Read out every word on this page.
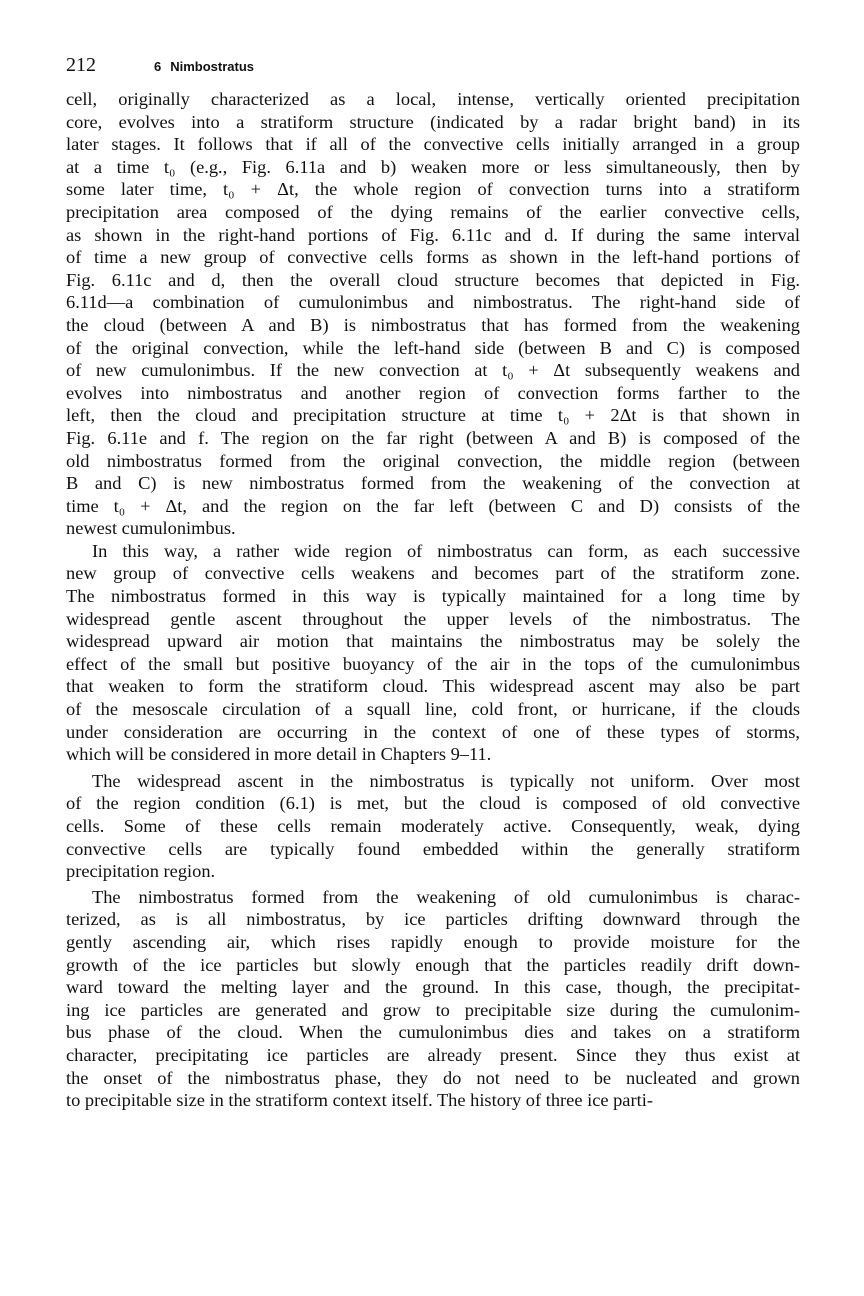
212	6 Nimbostratus

cell, originally characterized as a local, intense, vertically oriented precipitation
core, evolves into a stratiform structure (indicated by a radar bright band) in its
later stages. It follows that if all of the convective cells initially arranged in a group
at a time t₀ (e.g., Fig. 6.11a and b) weaken more or less simultaneously, then by
some later time, t₀ + Δt, the whole region of convection turns into a stratiform
precipitation area composed of the dying remains of the earlier convective cells,
as shown in the right-hand portions of Fig. 6.11c and d. If during the same interval
of time a new group of convective cells forms as shown in the left-hand portions of
Fig. 6.11c and d, then the overall cloud structure becomes that depicted in Fig.
6.11d—a combination of cumulonimbus and nimbostratus. The right-hand side of
the cloud (between A and B) is nimbostratus that has formed from the weakening
of the original convection, while the left-hand side (between B and C) is composed
of new cumulonimbus. If the new convection at t₀ + Δt subsequently weakens and
evolves into nimbostratus and another region of convection forms farther to the
left, then the cloud and precipitation structure at time t₀ + 2Δt is that shown in
Fig. 6.11e and f. The region on the far right (between A and B) is composed of the
old nimbostratus formed from the original convection, the middle region (between
B and C) is new nimbostratus formed from the weakening of the convection at
time t₀ + Δt, and the region on the far left (between C and D) consists of the
newest cumulonimbus.

In this way, a rather wide region of nimbostratus can form, as each successive
new group of convective cells weakens and becomes part of the stratiform zone.
The nimbostratus formed in this way is typically maintained for a long time by
widespread gentle ascent throughout the upper levels of the nimbostratus. The
widespread upward air motion that maintains the nimbostratus may be solely the
effect of the small but positive buoyancy of the air in the tops of the cumulonimbus
that weaken to form the stratiform cloud. This widespread ascent may also be part
of the mesoscale circulation of a squall line, cold front, or hurricane, if the clouds
under consideration are occurring in the context of one of these types of storms,
which will be considered in more detail in Chapters 9–11.

The widespread ascent in the nimbostratus is typically not uniform. Over most
of the region condition (6.1) is met, but the cloud is composed of old convective
cells. Some of these cells remain moderately active. Consequently, weak, dying
convective cells are typically found embedded within the generally stratiform
precipitation region.

The nimbostratus formed from the weakening of old cumulonimbus is charac-
terized, as is all nimbostratus, by ice particles drifting downward through the
gently ascending air, which rises rapidly enough to provide moisture for the
growth of the ice particles but slowly enough that the particles readily drift down-
ward toward the melting layer and the ground. In this case, though, the precipitat-
ing ice particles are generated and grow to precipitable size during the cumulonim-
bus phase of the cloud. When the cumulonimbus dies and takes on a stratiform
character, precipitating ice particles are already present. Since they thus exist at
the onset of the nimbostratus phase, they do not need to be nucleated and grown
to precipitable size in the stratiform context itself. The history of three ice parti-
